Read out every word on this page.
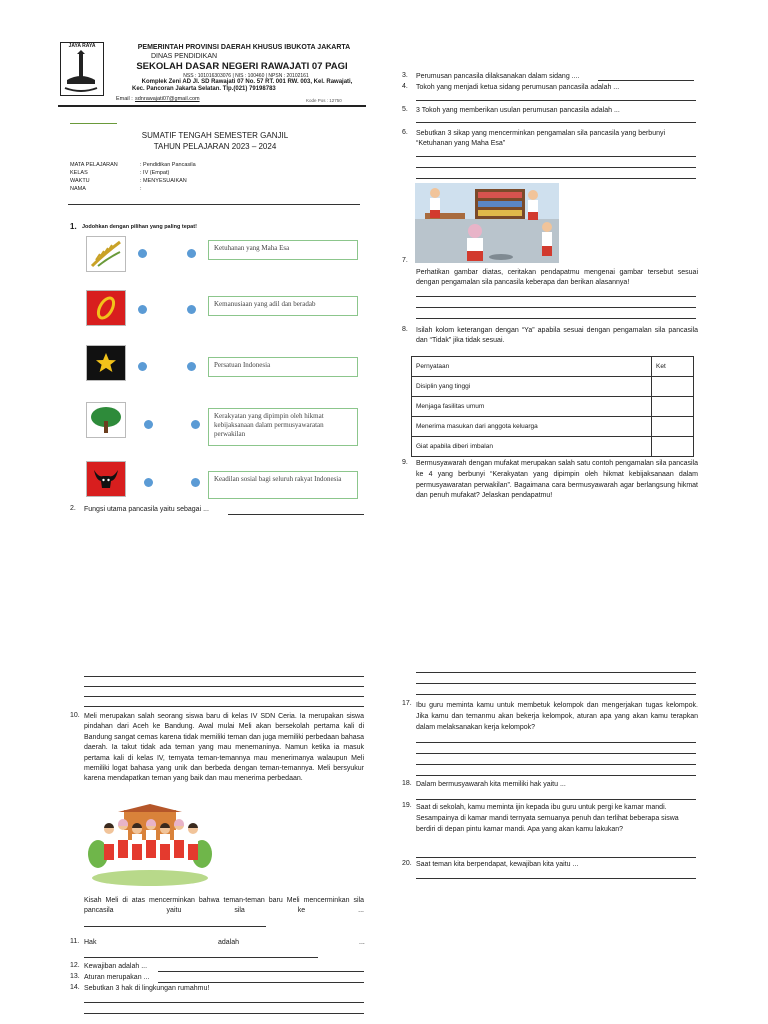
JAYA RAYA	PEMERINTAH PROVINSI DAERAH KHUSUS IBUKOTA JAKARTA
DINAS PENDIDIKAN
SEKOLAH DASAR NEGERI RAWAJATI 07 PAGI
NSS : 101016303076 | NIS : 100460 | NPSN : 20102161
Komplek Zeni AD Jl. SD Rawajati 07 No. 57 RT. 001 RW. 003, Kel. Rawajati,
Kec. Pancoran Jakarta Selatan. Tlp.(021) 79198783
Email : sdnrawajati07@gmail.com	Kode Pos : 12750
SUMATIF TENGAH SEMESTER GANJIL
TAHUN PELAJARAN 2023 – 2024
MATA PELAJARAN	: Pendidikan Pancasila
KELAS	: IV (Empat)
WAKTU	: MENYESUAIKAN
NAMA	:
1. Jodohkan dengan pilihan yang paling tepat!
Ketuhanan yang Maha Esa
Kemanusiaan yang adil dan beradab
Persatuan Indonesia
Kerakyatan yang dipimpin oleh hikmat kebijaksanaan dalam permusyawaratan perwakilan
Keadilan sosial bagi seluruh rakyat Indonesia
2. Fungsi utama pancasila yaitu sebagai ...
10. Meli merupakan salah seorang siswa baru di kelas IV SDN Ceria. Ia merupakan siswa pindahan dari Aceh ke Bandung. Awal mulai Meli akan bersekolah pertama kali di Bandung sangat cemas karena tidak memiliki teman dan juga memiliki perbedaan bahasa daerah. Ia takut tidak ada teman yang mau menemaninya. Namun ketika ia masuk pertama kali di kelas IV, ternyata teman-temannya mau menerimanya walaupun Meli memiliki logat bahasa yang unik dan berbeda dengan teman-temannya. Meli bersyukur karena mendapatkan teman yang baik dan mau menerima perbedaan.
Kisah Meli di atas mencerminkan bahwa teman-teman baru Meli mencerminkan sila pancasila yaitu sila ke ...
11. Hak	adalah	...
12. Kewajiban adalah ...
13. Aturan merupakan ...
14. Sebutkan 3 hak di lingkungan rumahmu!
3. Perumusan pancasila dilaksanakan dalam sidang ....
4. Tokoh yang menjadi ketua sidang perumusan pancasila adalah ...
5. 3 Tokoh yang memberikan usulan perumusan pancasila adalah ...
6. Sebutkan 3 sikap yang mencerminkan pengamalan sila pancasila yang berbunyi “Ketuhanan yang Maha Esa”
7.
Perhatikan gambar diatas, ceritakan pendapatmu mengenai gambar tersebut sesuai dengan pengamalan sila pancasila keberapa dan berikan alasannya!
8. Isilah kolom keterangan dengan “Ya” apabila sesuai dengan pengamalan sila pancasila dan “Tidak” jika tidak sesuai.
Pernyataan	Ket
Disiplin yang tinggi	
Menjaga fasilitas umum	
Menerima masukan dari anggota keluarga	
Giat apabila diberi imbalan	
9. Bermusyawarah dengan mufakat merupakan salah satu contoh pengamalan sila pancasila ke 4 yang berbunyi “Kerakyatan yang dipimpin oleh hikmat kebijaksanaan dalam permusyawaratan perwakilan”. Bagaimana cara bermusyawarah agar berlangsung hikmat dan penuh mufakat? Jelaskan pendapatmu!
17. Ibu guru meminta kamu untuk membetuk kelompok dan mengerjakan tugas kelompok. Jika kamu dan temanmu akan bekerja kelompok, aturan apa yang akan kamu terapkan dalam melaksanakan kerja kelompok?
18. Dalam bermusyawarah kita memiliki hak yaitu ...
19. Saat di sekolah, kamu meminta ijin kepada ibu guru untuk pergi ke kamar mandi. Sesampainya di kamar mandi ternyata semuanya penuh dan terlihat beberapa siswa berdiri di depan pintu kamar mandi. Apa yang akan kamu lakukan?
20. Saat teman kita berpendapat, kewajiban kita yaitu ...
